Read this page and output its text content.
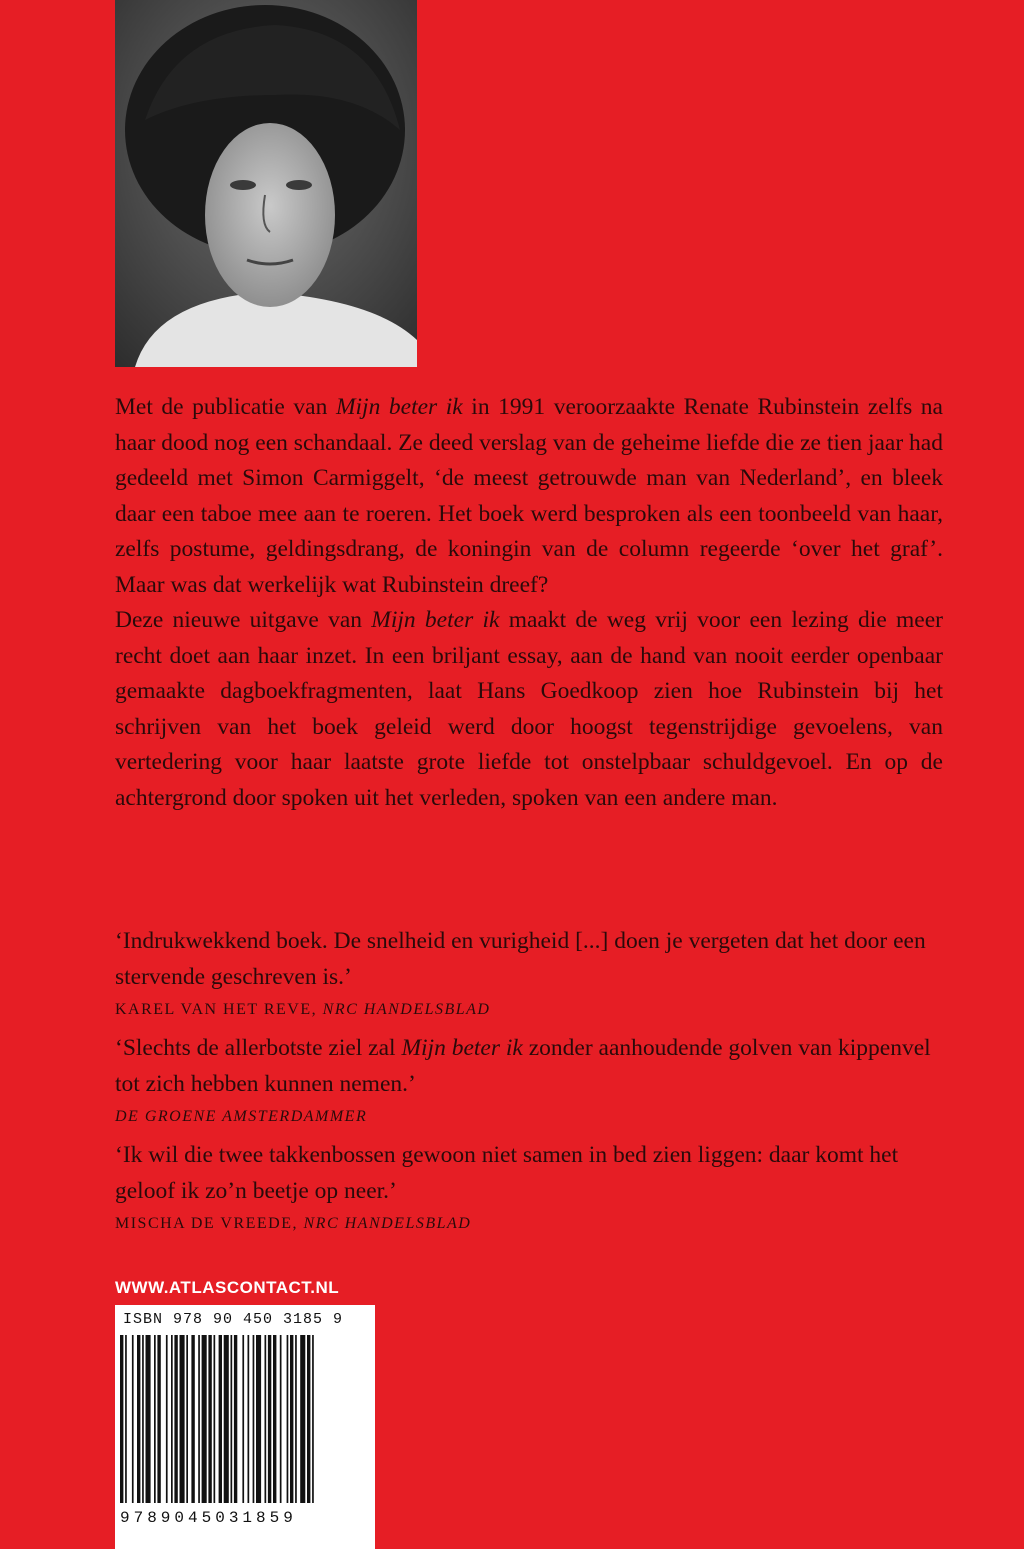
Met de publicatie van Mijn beter ik in 1991 veroorzaakte Renate Rubinstein zelfs na haar dood nog een schandaal. Ze deed verslag van de geheime liefde die ze tien jaar had gedeeld met Simon Carmiggelt, ‘de meest getrouwde man van Nederland’, en bleek daar een taboe mee aan te roeren. Het boek werd besproken als een toonbeeld van haar, zelfs postume, geldingsdrang, de koningin van de column regeerde ‘over het graf’. Maar was dat werkelijk wat Rubinstein dreef?

Deze nieuwe uitgave van Mijn beter ik maakt de weg vrij voor een lezing die meer recht doet aan haar inzet. In een briljant essay, aan de hand van nooit eerder openbaar gemaakte dagboekfragmenten, laat Hans Goedkoop zien hoe Rubinstein bij het schrijven van het boek geleid werd door hoogst tegenstrijdige gevoelens, van vertedering voor haar laatste grote liefde tot onstelpbaar schuldgevoel. En op de achtergrond door spoken uit het verleden, spoken van een andere man.

‘Indrukwekkend boek. De snelheid en vurigheid [...] doen je vergeten dat het door een stervende geschreven is.’
KAREL VAN HET REVE, NRC HANDELSBLAD
‘Slechts de allerbotste ziel zal Mijn beter ik zonder aanhoudende golven van kippenvel tot zich hebben kunnen nemen.’
DE GROENE AMSTERDAMMER
‘Ik wil die twee takkenbossen gewoon niet samen in bed zien liggen: daar komt het geloof ik zo’n beetje op neer.’
MISCHA DE VREEDE, NRC HANDELSBLAD
WWW.ATLASCONTACT.NL
ISBN 978 90 450 3185 9
9789045031859
